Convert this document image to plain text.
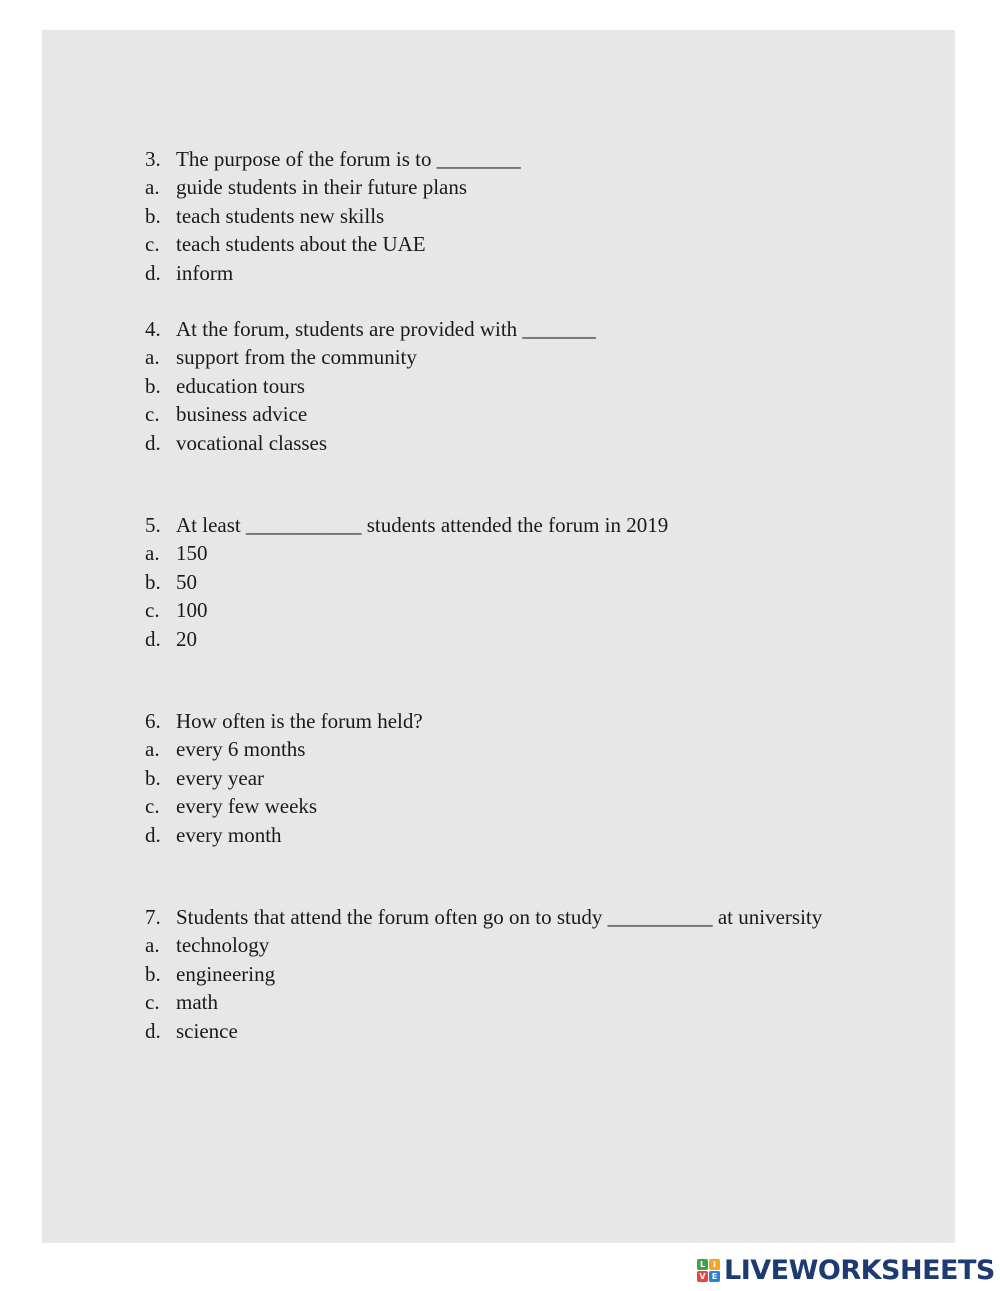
3. The purpose of the forum is to ________
a. guide students in their future plans
b. teach students new skills
c. teach students about the UAE
d. inform
4. At the forum, students are provided with _______
a. support from the community
b. education tours
c. business advice
d. vocational classes
5. At least ___________ students attended the forum in 2019
a. 150
b. 50
c. 100
d. 20
6. How often is the forum held?
a. every 6 months
b. every year
c. every few weeks
d. every month
7. Students that attend the forum often go on to study __________ at university
a. technology
b. engineering
c. math
d. science
L I
V E LIVEWORKSHEETS
